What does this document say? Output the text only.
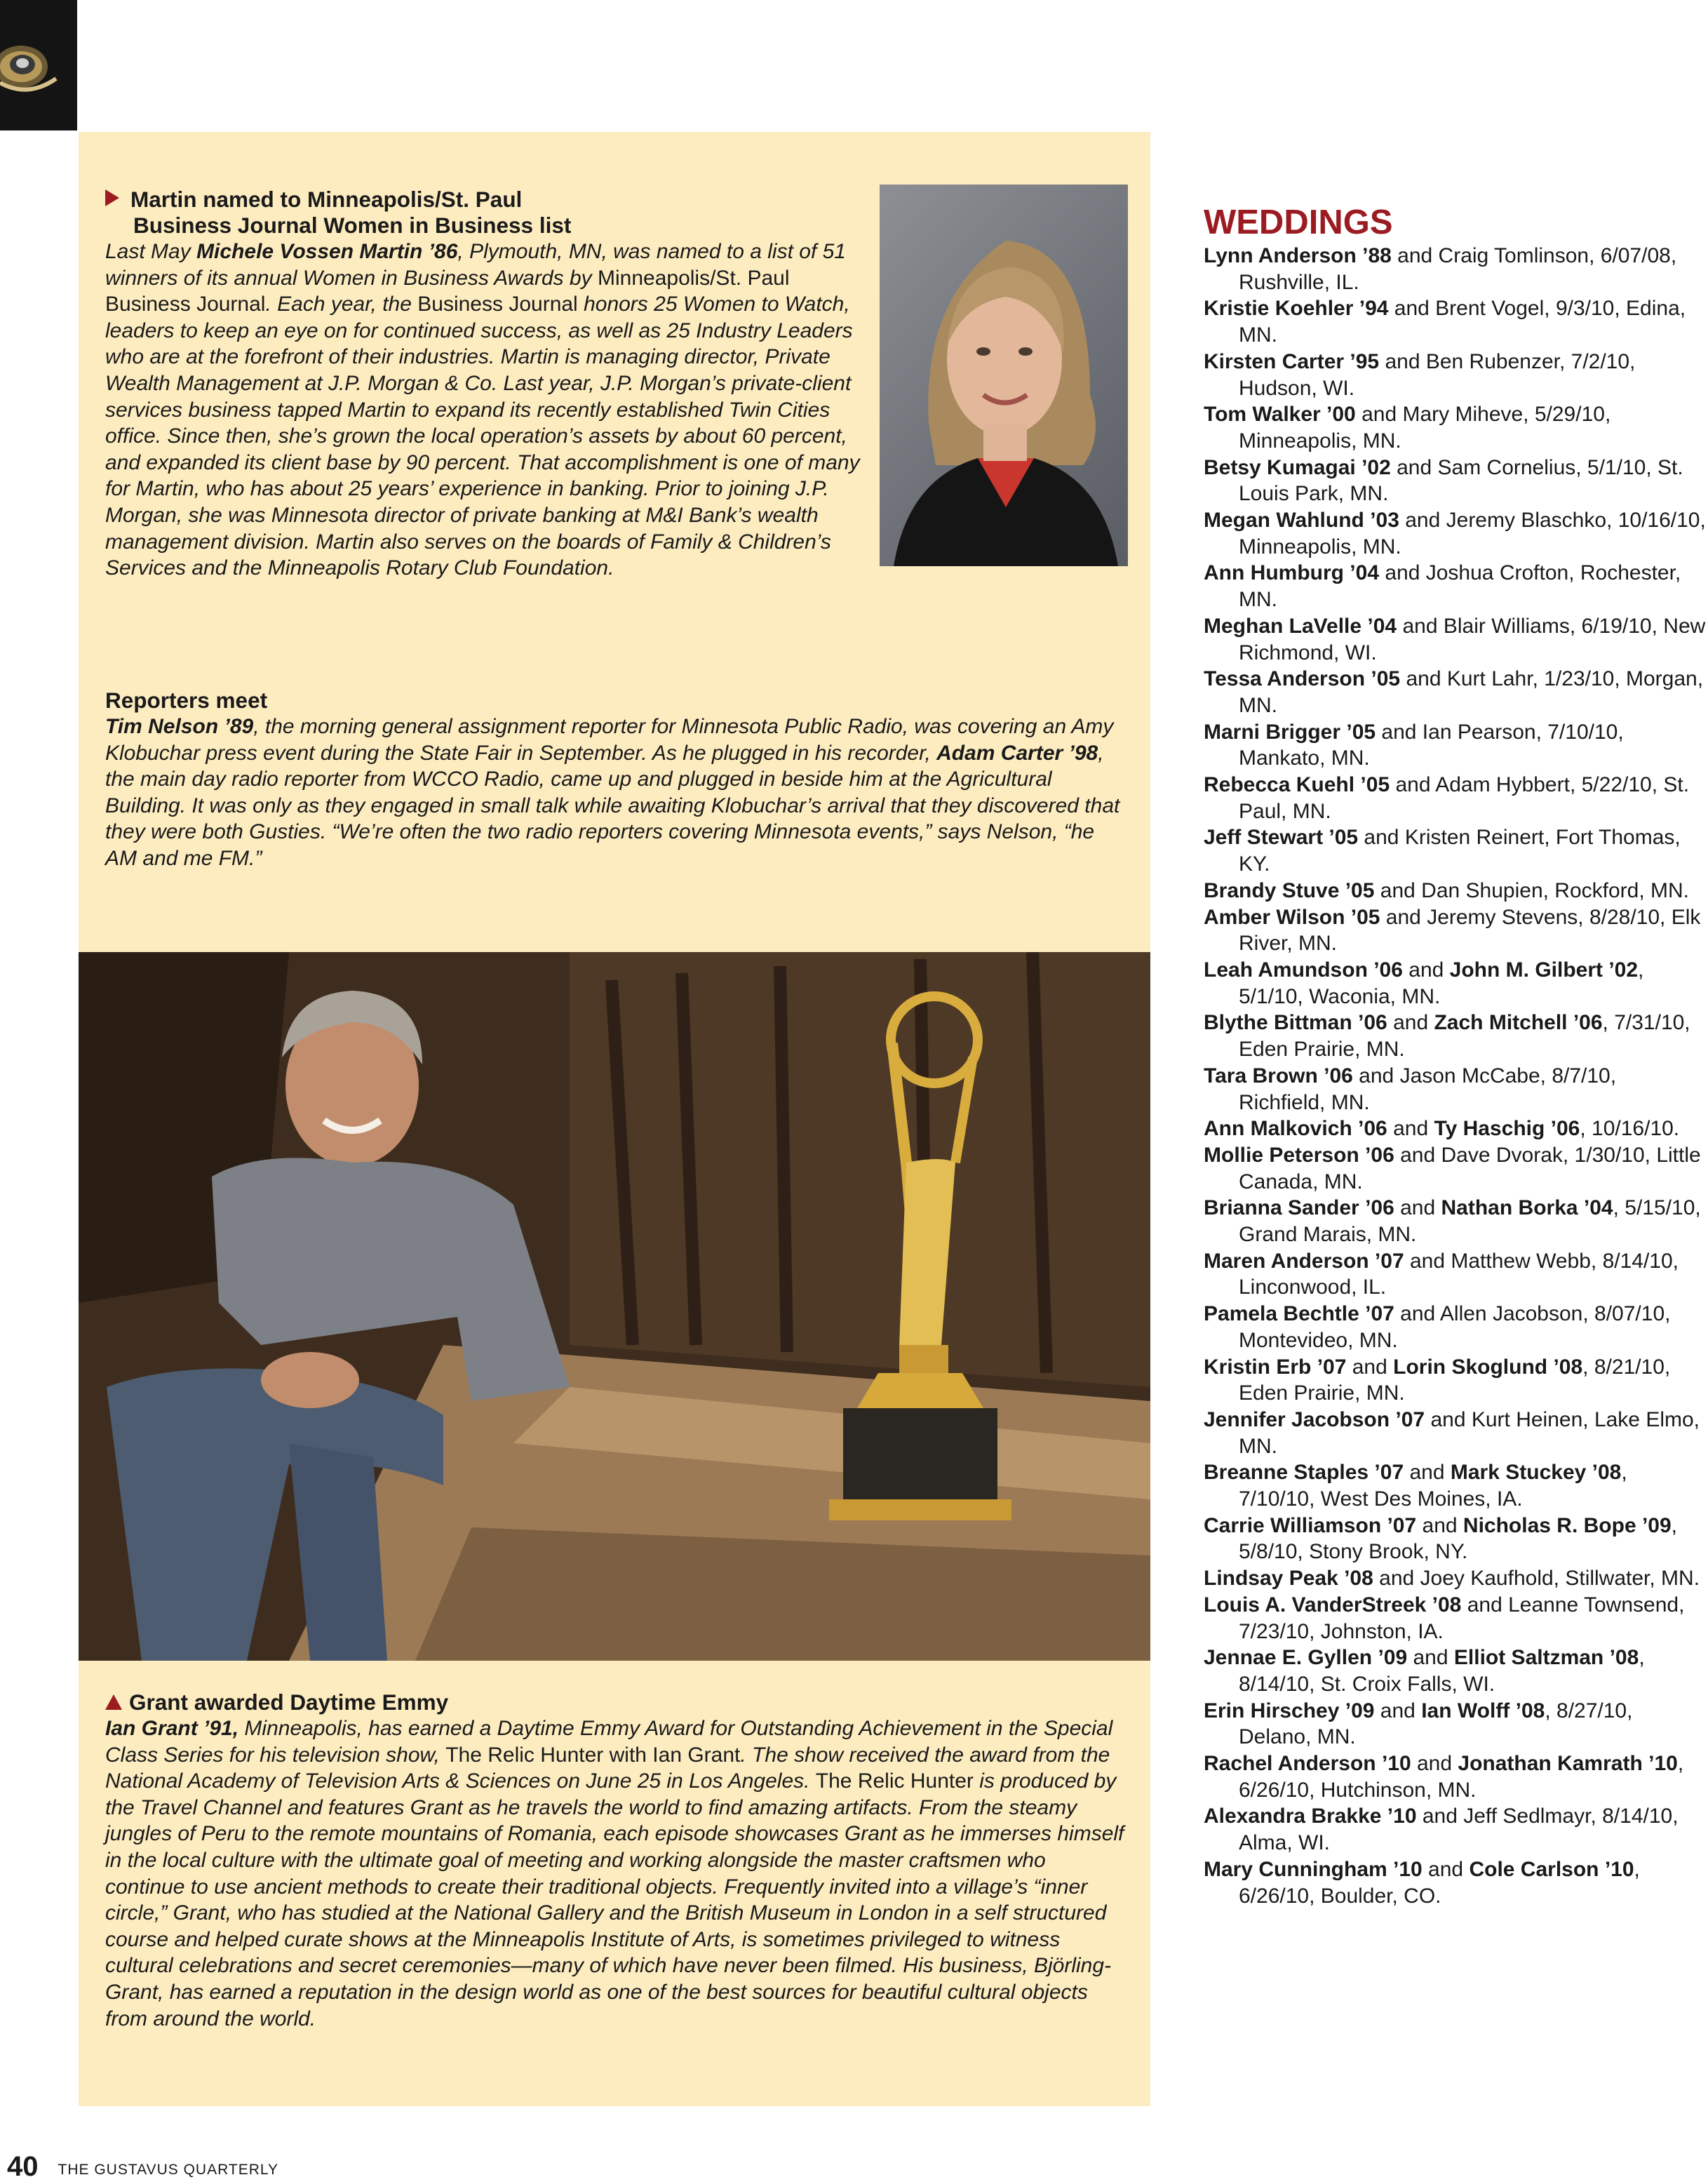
Martin named to Minneapolis/St. Paul
Business Journal Women in Business list
Last May Michele Vossen Martin ’86, Plymouth, MN, was named to a list of 51 winners of its annual Women in Business Awards by Minneapolis/St. Paul Business Journal. Each year, the Business Journal honors 25 Women to Watch, leaders to keep an eye on for continued success, as well as 25 Industry Leaders who are at the forefront of their industries. Martin is managing director, Private Wealth Management at J.P. Morgan & Co. Last year, J.P. Morgan’s private-client services business tapped Martin to expand its recently established Twin Cities office. Since then, she’s grown the local operation’s assets by about 60 percent, and expanded its client base by 90 percent. That accomplishment is one of many for Martin, who has about 25 years’ experience in banking. Prior to joining J.P. Morgan, she was Minnesota director of private banking at M&I Bank’s wealth management division. Martin also serves on the boards of Family & Children’s Services and the Minneapolis Rotary Club Foundation.
Reporters meet
Tim Nelson ’89, the morning general assignment reporter for Minnesota Public Radio, was covering an Amy Klobuchar press event during the State Fair in September. As he plugged in his recorder, Adam Carter ’98, the main day radio reporter from WCCO Radio, came up and plugged in beside him at the Agricultural Building. It was only as they engaged in small talk while awaiting Klobuchar’s arrival that they discovered that they were both Gusties. “We’re often the two radio reporters covering Minnesota events,” says Nelson, “he AM and me FM.”
Grant awarded Daytime Emmy
Ian Grant ’91, Minneapolis, has earned a Daytime Emmy Award for Outstanding Achievement in the Special Class Series for his television show, The Relic Hunter with Ian Grant. The show received the award from the National Academy of Television Arts & Sciences on June 25 in Los Angeles. The Relic Hunter is produced by the Travel Channel and features Grant as he travels the world to find amazing artifacts. From the steamy jungles of Peru to the remote mountains of Romania, each episode showcases Grant as he immerses himself in the local culture with the ultimate goal of meeting and working alongside the master craftsmen who continue to use ancient methods to create their traditional objects. Frequently invited into a village’s “inner circle,” Grant, who has studied at the National Gallery and the British Museum in London in a self structured course and helped curate shows at the Minneapolis Institute of Arts, is sometimes privileged to witness cultural celebrations and secret ceremonies—many of which have never been filmed. His business, Björling-Grant, has earned a reputation in the design world as one of the best sources for beautiful cultural objects from around the world.
WEDDINGS
Lynn Anderson ’88 and Craig Tomlinson, 6/07/08, Rushville, IL.
Kristie Koehler ’94 and Brent Vogel, 9/3/10, Edina, MN.
Kirsten Carter ’95 and Ben Rubenzer, 7/2/10, Hudson, WI.
Tom Walker ’00 and Mary Miheve, 5/29/10, Minneapolis, MN.
Betsy Kumagai ’02 and Sam Cornelius, 5/1/10, St. Louis Park, MN.
Megan Wahlund ’03 and Jeremy Blaschko, 10/16/10, Minneapolis, MN.
Ann Humburg ’04 and Joshua Crofton, Rochester, MN.
Meghan LaVelle ’04 and Blair Williams, 6/19/10, New Richmond, WI.
Tessa Anderson ’05 and Kurt Lahr, 1/23/10, Morgan, MN.
Marni Brigger ’05 and Ian Pearson, 7/10/10, Mankato, MN.
Rebecca Kuehl ’05 and Adam Hybbert, 5/22/10, St. Paul, MN.
Jeff Stewart ’05 and Kristen Reinert, Fort Thomas, KY.
Brandy Stuve ’05 and Dan Shupien, Rockford, MN.
Amber Wilson ’05 and Jeremy Stevens, 8/28/10, Elk River, MN.
Leah Amundson ’06 and John M. Gilbert ’02, 5/1/10, Waconia, MN.
Blythe Bittman ’06 and Zach Mitchell ’06, 7/31/10, Eden Prairie, MN.
Tara Brown ’06 and Jason McCabe, 8/7/10, Richfield, MN.
Ann Malkovich ’06 and Ty Haschig ’06, 10/16/10.
Mollie Peterson ’06 and Dave Dvorak, 1/30/10, Little Canada, MN.
Brianna Sander ’06 and Nathan Borka ’04, 5/15/10, Grand Marais, MN.
Maren Anderson ’07 and Matthew Webb, 8/14/10, Linconwood, IL.
Pamela Bechtle ’07 and Allen Jacobson, 8/07/10, Montevideo, MN.
Kristin Erb ’07 and Lorin Skoglund ’08, 8/21/10, Eden Prairie, MN.
Jennifer Jacobson ’07 and Kurt Heinen, Lake Elmo, MN.
Breanne Staples ’07 and Mark Stuckey ’08, 7/10/10, West Des Moines, IA.
Carrie Williamson ’07 and Nicholas R. Bope ’09, 5/8/10, Stony Brook, NY.
Lindsay Peak ’08 and Joey Kaufhold, Stillwater, MN.
Louis A. VanderStreek ’08 and Leanne Townsend, 7/23/10, Johnston, IA.
Jennae E. Gyllen ’09 and Elliot Saltzman ’08, 8/14/10, St. Croix Falls, WI.
Erin Hirschey ’09 and Ian Wolff ’08, 8/27/10, Delano, MN.
Rachel Anderson ’10 and Jonathan Kamrath ’10, 6/26/10, Hutchinson, MN.
Alexandra Brakke ’10 and Jeff Sedlmayr, 8/14/10, Alma, WI.
Mary Cunningham ’10 and Cole Carlson ’10, 6/26/10, Boulder, CO.
40 THE GUSTAVUS QUARTERLY
